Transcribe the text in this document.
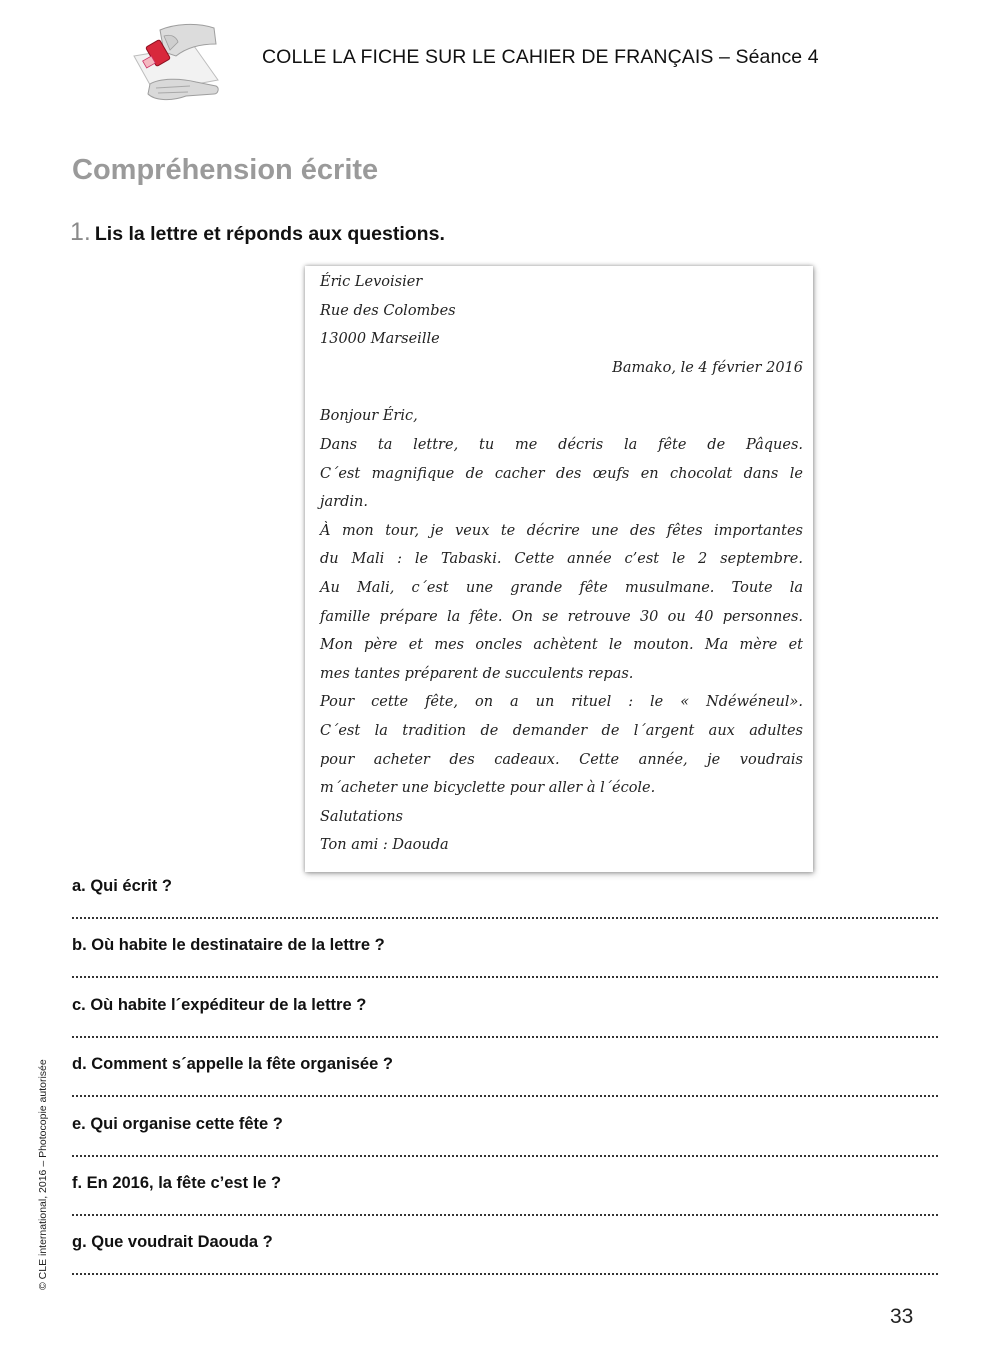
COLLE LA FICHE SUR LE CAHIER DE FRANÇAIS – Séance 4
Compréhension écrite
1. Lis la lettre et réponds aux questions.
Éric Levoisier
Rue des Colombes
13000 Marseille
Bamako, le 4 février 2016
Bonjour Éric,
Dans ta lettre, tu me décris la fête de Pâques.
C´est magnifique de cacher des œufs en chocolat dans le
jardin.
À mon tour, je veux te décrire une des fêtes importantes
du Mali : le Tabaski. Cette année c’est le 2 septembre.
Au Mali, c´est une grande fête musulmane. Toute la
famille prépare la fête. On se retrouve 30 ou 40 personnes.
Mon père et mes oncles achètent le mouton. Ma mère et
mes tantes préparent de succulents repas.
Pour cette fête, on a un rituel : le « Ndéwéneul».
C´est la tradition de demander de l´argent aux adultes
pour acheter des cadeaux. Cette année, je voudrais
m´acheter une bicyclette pour aller à l´école.
Salutations
Ton ami : Daouda
a. Qui écrit ?
b. Où habite le destinataire de la lettre ?
c. Où habite l´expéditeur de la lettre ?
d. Comment s´appelle la fête organisée ?
e. Qui organise cette fête ?
f. En 2016, la fête c’est le ?
g. Que voudrait Daouda ?
© CLE international, 2016 – Photocopie autorisée
33
